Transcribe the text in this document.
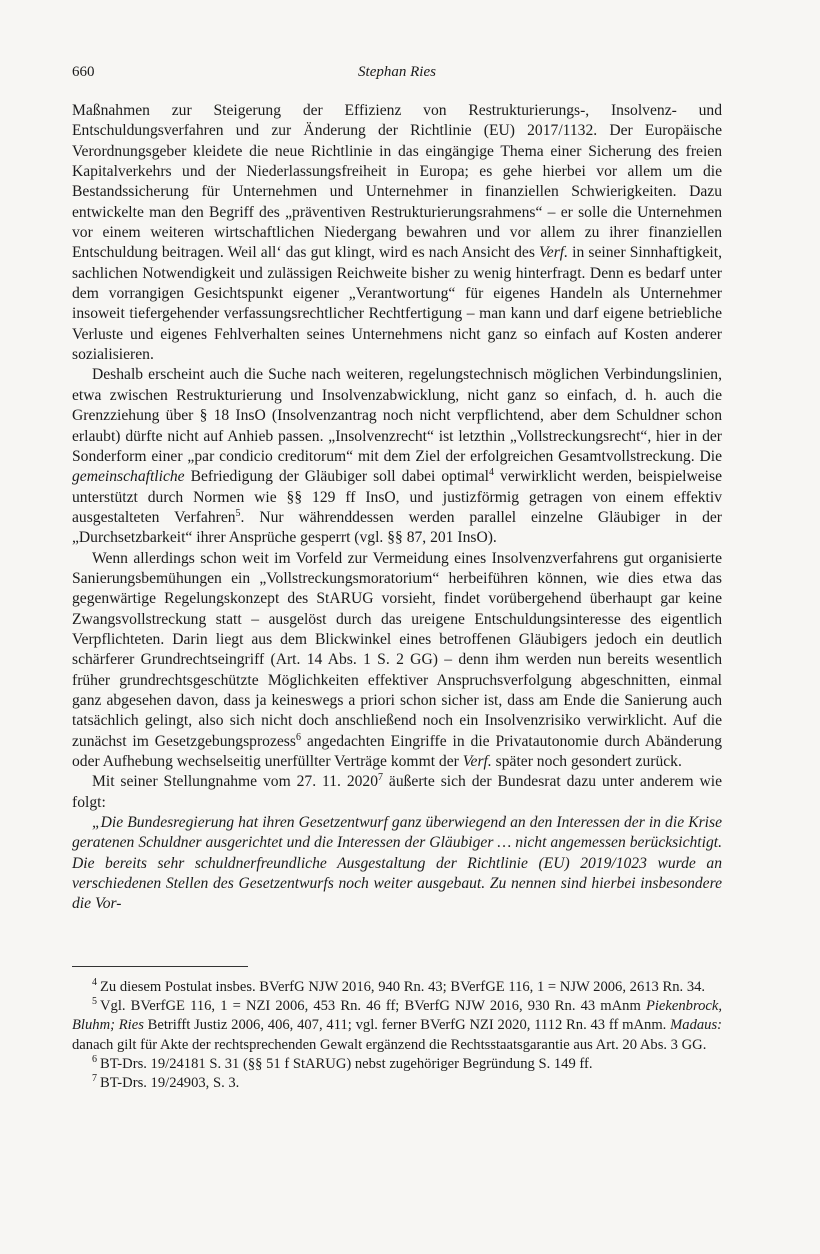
660	Stephan Ries

Maßnahmen zur Steigerung der Effizienz von Restrukturierungs-, Insolvenz- und Entschuldungsverfahren und zur Änderung der Richtlinie (EU) 2017/1132. Der Europäische Verordnungsgeber kleidete die neue Richtlinie in das eingängige Thema einer Sicherung des freien Kapitalverkehrs und der Niederlassungsfreiheit in Europa; es gehe hierbei vor allem um die Bestandssicherung für Unternehmen und Unternehmer in finanziellen Schwierigkeiten. Dazu entwickelte man den Begriff des „präventiven Restrukturierungsrahmens“ – er solle die Unternehmen vor einem weiteren wirtschaftlichen Niedergang bewahren und vor allem zu ihrer finanziellen Entschuldung beitragen. Weil all‘ das gut klingt, wird es nach Ansicht des Verf. in seiner Sinnhaftigkeit, sachlichen Notwendigkeit und zulässigen Reichweite bisher zu wenig hinterfragt. Denn es bedarf unter dem vorrangigen Gesichtspunkt eigener „Verantwortung“ für eigenes Handeln als Unternehmer insoweit tiefergehender verfassungsrechtlicher Rechtfertigung – man kann und darf eigene betriebliche Verluste und eigenes Fehlverhalten seines Unternehmens nicht ganz so einfach auf Kosten anderer sozialisieren.

Deshalb erscheint auch die Suche nach weiteren, regelungstechnisch möglichen Verbindungslinien, etwa zwischen Restrukturierung und Insolvenzabwicklung, nicht ganz so einfach, d. h. auch die Grenzziehung über § 18 InsO (Insolvenzantrag noch nicht verpflichtend, aber dem Schuldner schon erlaubt) dürfte nicht auf Anhieb passen. „Insolvenzrecht“ ist letzthin „Vollstreckungsrecht“, hier in der Sonderform einer „par condicio creditorum“ mit dem Ziel der erfolgreichen Gesamtvollstreckung. Die gemeinschaftliche Befriedigung der Gläubiger soll dabei optimal$^4$ verwirklicht werden, beispielweise unterstützt durch Normen wie §§ 129 ff InsO, und justizförmig getragen von einem effektiv ausgestalteten Verfahren$^5$. Nur währenddessen werden parallel einzelne Gläubiger in der „Durchsetzbarkeit“ ihrer Ansprüche gesperrt (vgl. §§ 87, 201 InsO).

Wenn allerdings schon weit im Vorfeld zur Vermeidung eines Insolvenzverfahrens gut organisierte Sanierungsbemühungen ein „Vollstreckungsmoratorium“ herbeiführen können, wie dies etwa das gegenwärtige Regelungskonzept des StARUG vorsieht, findet vorübergehend überhaupt gar keine Zwangsvollstreckung statt – ausgelöst durch das ureigene Entschuldungsinteresse des eigentlich Verpflichteten. Darin liegt aus dem Blickwinkel eines betroffenen Gläubigers jedoch ein deutlich schärferer Grundrechtseingriff (Art. 14 Abs. 1 S. 2 GG) – denn ihm werden nun bereits wesentlich früher grundrechtsgeschützte Möglichkeiten effektiver Anspruchsverfolgung abgeschnitten, einmal ganz abgesehen davon, dass ja keineswegs a priori schon sicher ist, dass am Ende die Sanierung auch tatsächlich gelingt, also sich nicht doch anschließend noch ein Insolvenzrisiko verwirklicht. Auf die zunächst im Gesetzgebungsprozess$^6$ angedachten Eingriffe in die Privatautonomie durch Abänderung oder Aufhebung wechselseitig unerfüllter Verträge kommt der Verf. später noch gesondert zurück.

Mit seiner Stellungnahme vom 27. 11. 2020$^7$ äußerte sich der Bundesrat dazu unter anderem wie folgt:

„Die Bundesregierung hat ihren Gesetzentwurf ganz überwiegend an den Interessen der in die Krise geratenen Schuldner ausgerichtet und die Interessen der Gläubiger … nicht angemessen berücksichtigt. Die bereits sehr schuldnerfreundliche Ausgestaltung der Richtlinie (EU) 2019/1023 wurde an verschiedenen Stellen des Gesetzentwurfs noch weiter ausgebaut. Zu nennen sind hierbei insbesondere die Vor-

$^4$ Zu diesem Postulat insbes. BVerfG NJW 2016, 940 Rn. 43; BVerfGE 116, 1 = NJW 2006, 2613 Rn. 34.

$^5$ Vgl. BVerfGE 116, 1 = NZI 2006, 453 Rn. 46 ff; BVerfG NJW 2016, 930 Rn. 43 mAnm Piekenbrock, Bluhm; Ries Betrifft Justiz 2006, 406, 407, 411; vgl. ferner BVerfG NZI 2020, 1112 Rn. 43 ff mAnm. Madaus: danach gilt für Akte der rechtsprechenden Gewalt ergänzend die Rechtsstaatsgarantie aus Art. 20 Abs. 3 GG.

$^6$ BT-Drs. 19/24181 S. 31 (§§ 51 f StARUG) nebst zugehöriger Begründung S. 149 ff.

$^7$ BT-Drs. 19/24903, S. 3.
